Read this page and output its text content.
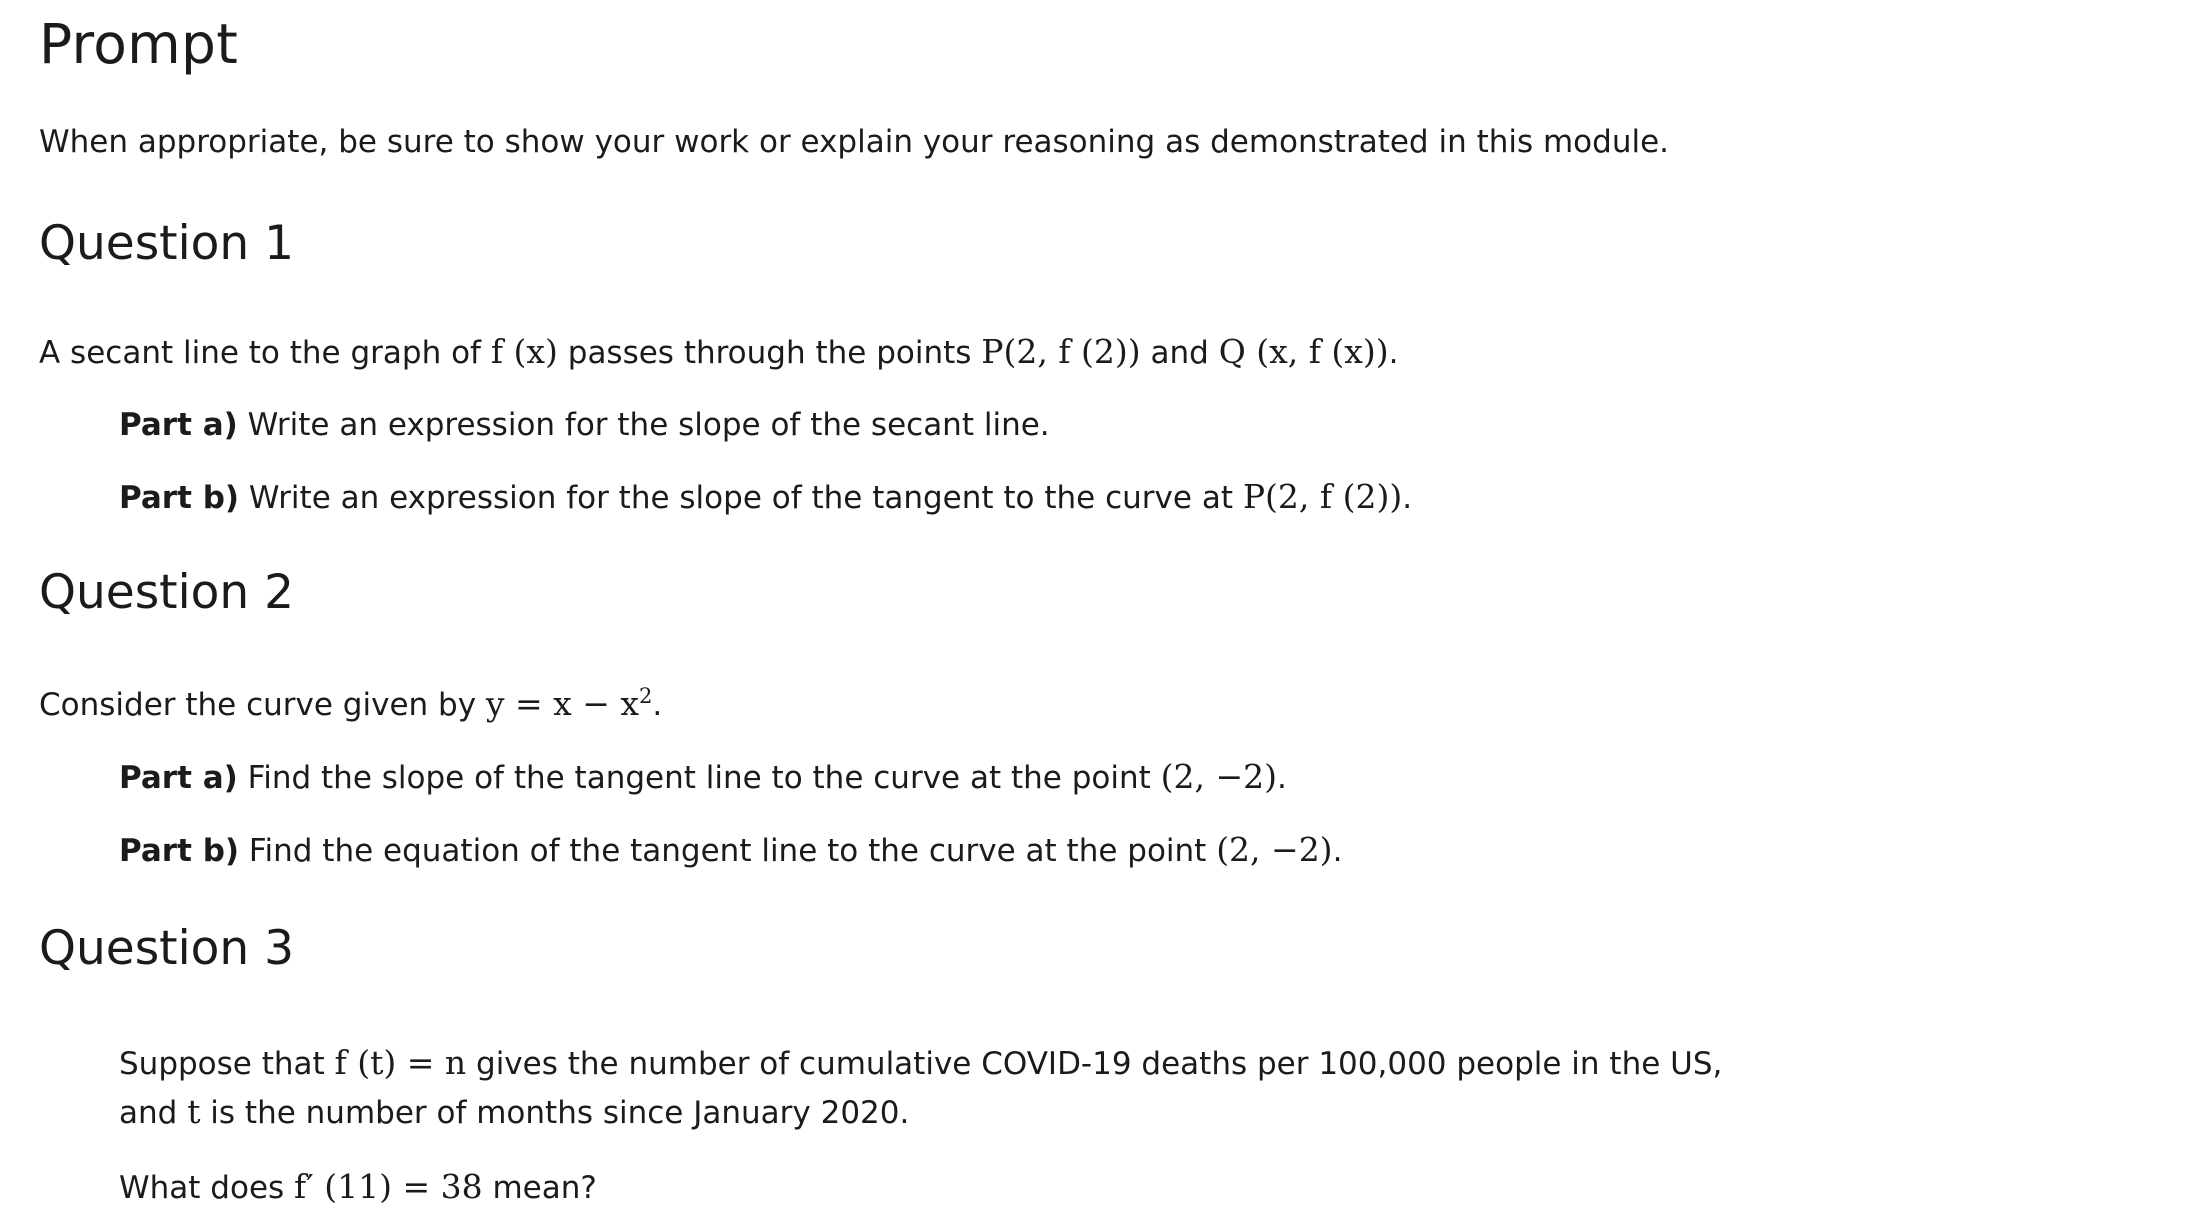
Prompt

When appropriate, be sure to show your work or explain your reasoning as demonstrated in this module.

Question 1

A secant line to the graph of f (x) passes through the points P(2, f (2)) and Q (x, f (x)).

Part a) Write an expression for the slope of the secant line.

Part b) Write an expression for the slope of the tangent to the curve at P(2, f (2)).

Question 2

Consider the curve given by $y = x - x^2$.

Part a) Find the slope of the tangent line to the curve at the point (2, −2).

Part b) Find the equation of the tangent line to the curve at the point (2, −2).

Question 3

Suppose that f (t) = n gives the number of cumulative COVID-19 deaths per 100,000 people in the US,
and t is the number of months since January 2020.

What does f′ (11) = 38 mean?
